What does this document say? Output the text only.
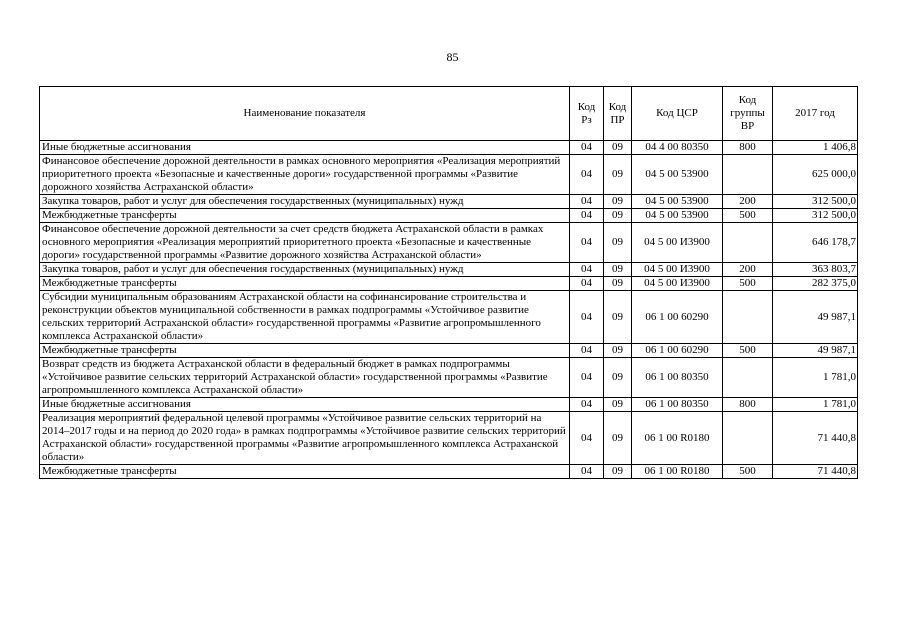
85
Наименование показателя	Код Рз	Код ПР	Код ЦСР	Код группы ВР	2017 год
Иные бюджетные ассигнования	04	09	04 4 00 80350	800	1 406,8
Финансовое обеспечение дорожной деятельности в рамках основного мероприятия «Реализация мероприятий приоритетного проекта «Безопасные и качественные дороги» государственной программы «Развитие дорожного хозяйства Астраханской области»	04	09	04 5 00 53900		625 000,0
Закупка товаров, работ и услуг для обеспечения государственных (муниципальных) нужд	04	09	04 5 00 53900	200	312 500,0
Межбюджетные трансферты	04	09	04 5 00 53900	500	312 500,0
Финансовое обеспечение дорожной деятельности за счет средств бюджета Астраханской области в рамках основного мероприятия «Реализация мероприятий приоритетного проекта «Безопасные и качественные дороги» государственной программы «Развитие дорожного хозяйства Астраханской области»	04	09	04 5 00 И3900		646 178,7
Закупка товаров, работ и услуг для обеспечения государственных (муниципальных) нужд	04	09	04 5 00 И3900	200	363 803,7
Межбюджетные трансферты	04	09	04 5 00 И3900	500	282 375,0
Субсидии муниципальным образованиям Астраханской области на софинансирование строительства и реконструкции объектов муниципальной собственности в рамках подпрограммы «Устойчивое развитие сельских территорий Астраханской области» государственной программы «Развитие агропромышленного комплекса Астраханской области»	04	09	06 1 00 60290		49 987,1
Межбюджетные трансферты	04	09	06 1 00 60290	500	49 987,1
Возврат средств из бюджета Астраханской области в федеральный бюджет в рамках подпрограммы «Устойчивое развитие сельских территорий Астраханской области» государственной программы «Развитие агропромышленного комплекса Астраханской области»	04	09	06 1 00 80350		1 781,0
Иные бюджетные ассигнования	04	09	06 1 00 80350	800	1 781,0
Реализация мероприятий федеральной целевой программы «Устойчивое развитие сельских территорий на 2014–2017 годы и на период до 2020 года» в рамках подпрограммы «Устойчивое развитие сельских территорий Астраханской области» государственной программы «Развитие агропромышленного комплекса Астраханской области»	04	09	06 1 00 R0180		71 440,8
Межбюджетные трансферты	04	09	06 1 00 R0180	500	71 440,8
